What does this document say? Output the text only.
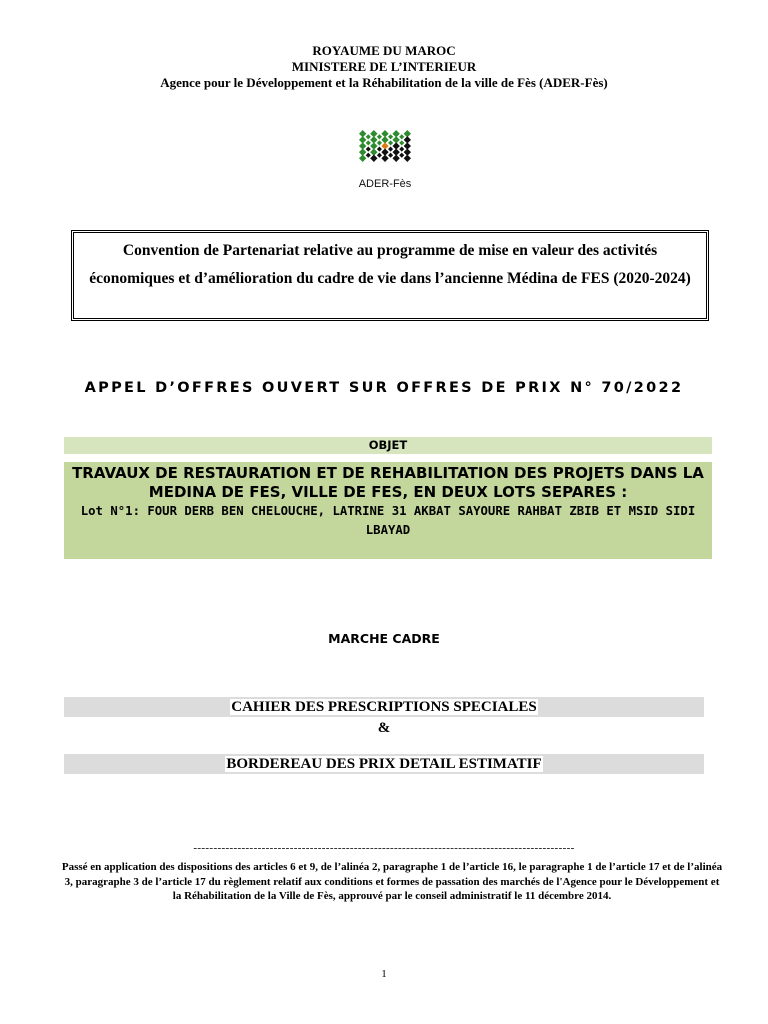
ROYAUME DU MAROC
MINISTERE DE L’INTERIEUR
Agence pour le Développement et la Réhabilitation de la ville de Fès (ADER-Fès)
ADER-Fès

Convention de Partenariat relative au programme de mise en valeur des activités économiques et d’amélioration du cadre de vie dans l’ancienne Médina de FES (2020-2024)

APPEL D’OFFRES OUVERT SUR OFFRES DE PRIX N° 70/2022
OBJET

TRAVAUX DE RESTAURATION ET DE REHABILITATION DES PROJETS DANS LA MEDINA DE FES, VILLE DE FES, EN DEUX LOTS SEPARES :

Lot N°1: FOUR DERB BEN CHELOUCHE, LATRINE 31 AKBAT SAYOURE RAHBAT ZBIB ET MSID SIDI LBAYAD

MARCHE CADRE
CAHIER DES PRESCRIPTIONS SPECIALES
&
BORDEREAU DES PRIX DETAIL ESTIMATIF
-----------------------------------------------------------------------------------------------
Passé en application des dispositions des articles 6 et 9, de l’alinéa 2, paragraphe 1 de l’article 16, le paragraphe 1 de l’article 17 et de l’alinéa 3, paragraphe 3 de l’article 17 du règlement relatif aux conditions et formes de passation des marchés de l'Agence pour le Développement et la Réhabilitation de la Ville de Fès, approuvé par le conseil administratif le 11 décembre 2014.
1
